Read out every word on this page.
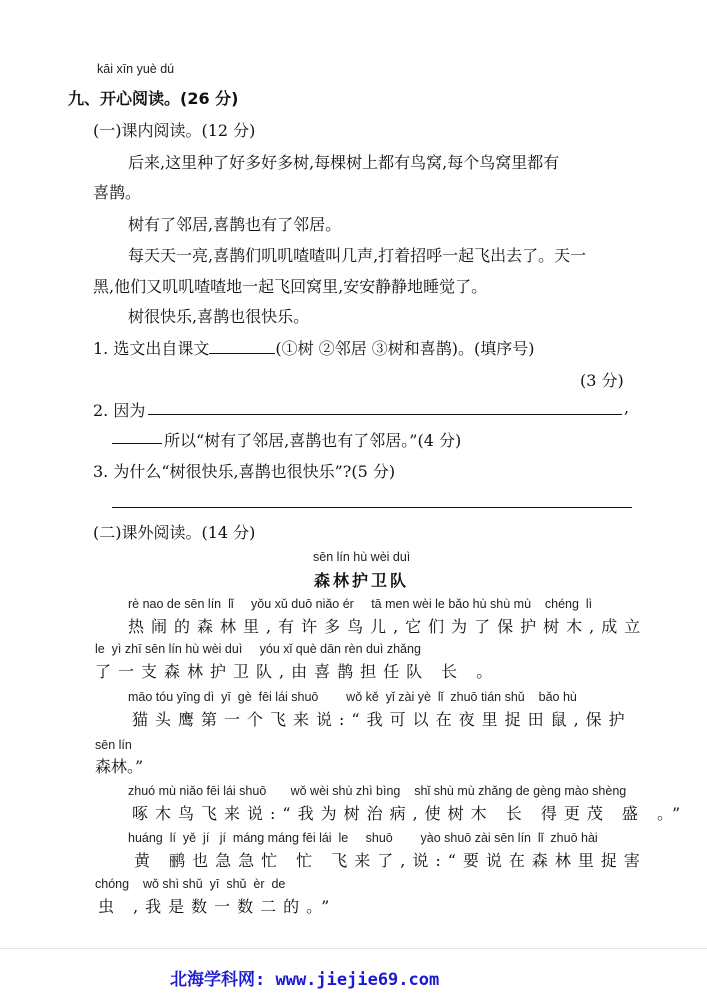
kāi xīn yuè dú
九、开心阅读。(26 分)
(一)课内阅读。(12 分)
后来,这里种了好多好多树,每棵树上都有鸟窝,每个鸟窝里都有
喜鹊。
树有了邻居,喜鹊也有了邻居。
每天天一亮,喜鹊们叽叽喳喳叫几声,打着招呼一起飞出去了。天一
黑,他们又叽叽喳喳地一起飞回窝里,安安静静地睡觉了。
树很快乐,喜鹊也很快乐。
1. 选文出自课文	(①树 ②邻居 ③树和喜鹊)。(填序号)
(3 分)
2. 因为	,
所以“树有了邻居,喜鹊也有了邻居。”(4 分)
3. 为什么“树很快乐,喜鹊也很快乐”?(5 分)
(二)课外阅读。(14 分)
sēn lín hù wèi duì
森林护卫队
rè nao de sēn lín  lǐ     yǒu xǔ duō niǎo ér     tā men wèi le bǎo hù shù mù    chéng  lì
热闹的森林里,有许多鸟儿,它们为了保护树木,成立
le  yì zhī sēn lín hù wèi duì     yóu xǐ què dān rèn duì zhǎng
了一支森林护卫队,由喜鹊担任队 长 。
māo tóu yīng dì  yī  gè  fēi lái shuō        wǒ kě  yǐ zài yè  lǐ  zhuō tián shǔ    bǎo hù
猫头鹰第一个飞来说:“我可以在夜里捉田鼠,保护
sēn lín
森林。”
zhuó mù niǎo fēi lái shuō       wǒ wèi shù zhì bìng    shǐ shù mù zhǎng de gèng mào shèng
啄木鸟飞来说:“我为树治病,使树木 长 得更茂 盛 。”
huáng  lí  yě  jí   jí  máng máng fēi lái  le     shuō        yào shuō zài sēn lín  lǐ  zhuō hài
黄 鹂也急急忙 忙 飞来了,说:“要说在森林里捉害
chóng    wǒ shì shǔ  yī  shǔ  èr  de
虫 ,我是数一数二的。”
北海学科网: www.jiejie69.com
